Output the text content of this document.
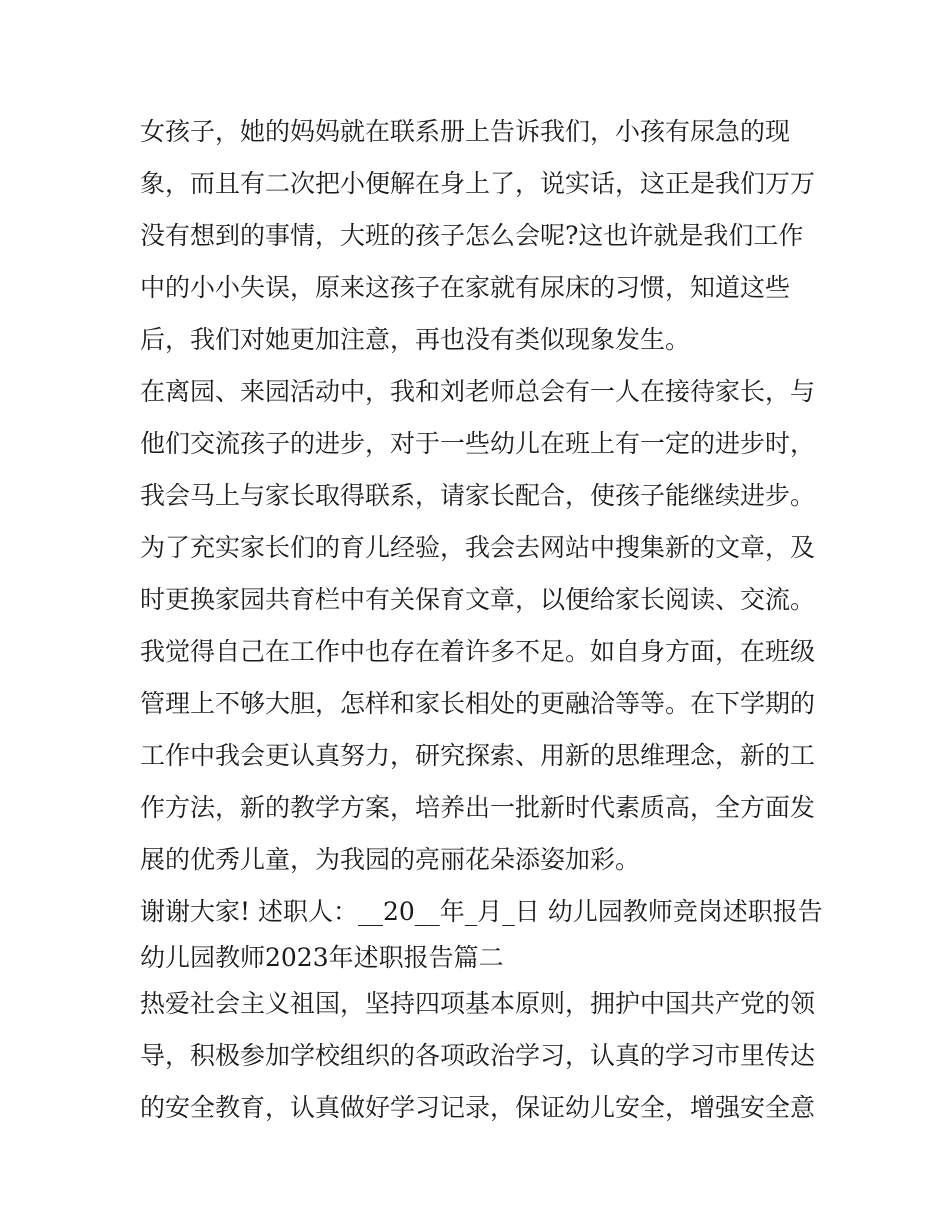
女孩子，她的妈妈就在联系册上告诉我们，小孩有尿急的现
象，而且有二次把小便解在身上了，说实话，这正是我们万万
没有想到的事情，大班的孩子怎么会呢?这也许就是我们工作
中的小小失误，原来这孩子在家就有尿床的习惯，知道这些
后，我们对她更加注意，再也没有类似现象发生。
在离园、来园活动中，我和刘老师总会有一人在接待家长，与
他们交流孩子的进步，对于一些幼儿在班上有一定的进步时，
我会马上与家长取得联系，请家长配合，使孩子能继续进步。
为了充实家长们的育儿经验，我会去网站中搜集新的文章，及
时更换家园共育栏中有关保育文章，以便给家长阅读、交流。
我觉得自己在工作中也存在着许多不足。如自身方面，在班级
管理上不够大胆，怎样和家长相处的更融洽等等。在下学期的
工作中我会更认真努力，研究探索、用新的思维理念，新的工
作方法，新的教学方案，培养出一批新时代素质高，全方面发
展的优秀儿童，为我园的亮丽花朵添姿加彩。
谢谢大家! 述职人：__20__年_月_日 幼儿园教师竞岗述职报告
幼儿园教师2023年述职报告篇二
热爱社会主义祖国，坚持四项基本原则，拥护中国共产党的领
导，积极参加学校组织的各项政治学习，认真的学习市里传达
的安全教育，认真做好学习记录，保证幼儿安全，增强安全意
